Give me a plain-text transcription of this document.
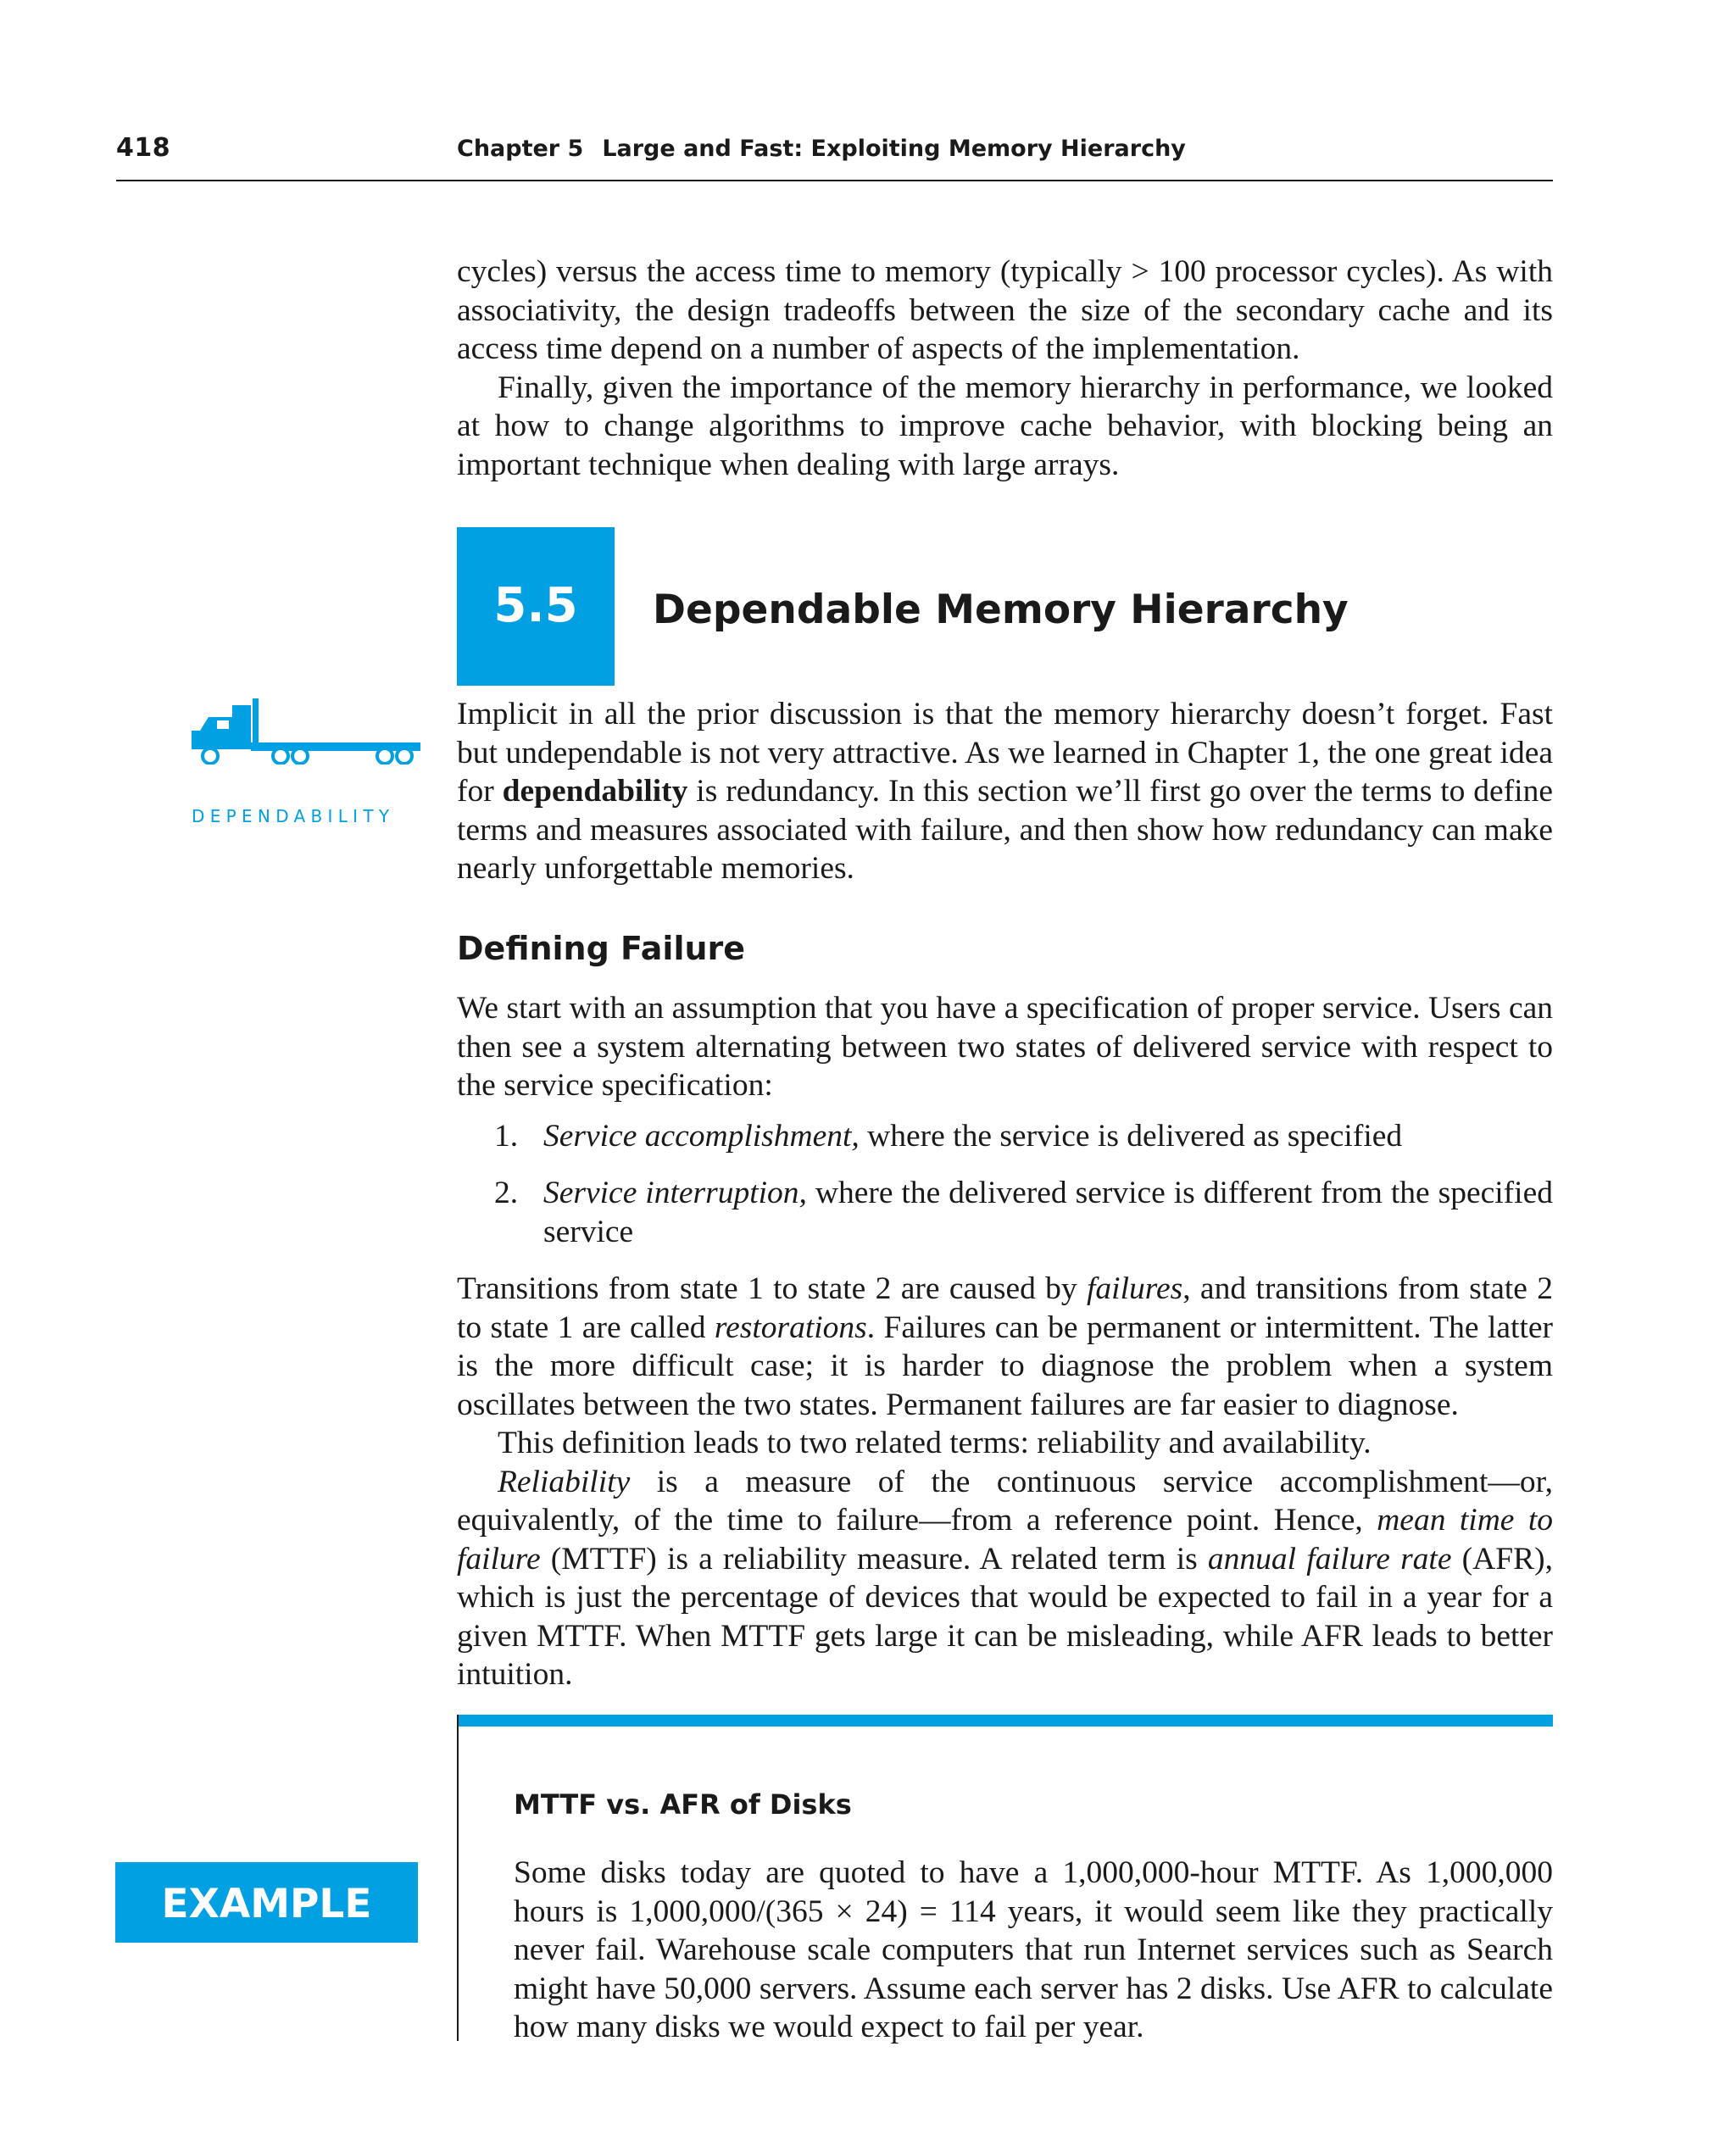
418	Chapter 5 Large and Fast: Exploiting Memory Hierarchy

cycles) versus the access time to memory (typically > 100 processor cycles). As with associativity, the design tradeoffs between the size of the secondary cache and its access time depend on a number of aspects of the implementation.

Finally, given the importance of the memory hierarchy in performance, we looked at how to change algorithms to improve cache behavior, with blocking being an important technique when dealing with large arrays.

5.5	Dependable Memory Hierarchy
DEPENDABILITY

Implicit in all the prior discussion is that the memory hierarchy doesn’t forget. Fast but undependable is not very attractive. As we learned in Chapter 1, the one great idea for dependability is redundancy. In this section we’ll first go over the terms to define terms and measures associated with failure, and then show how redundancy can make nearly unforgettable memories.

Defining Failure

We start with an assumption that you have a specification of proper service. Users can then see a system alternating between two states of delivered service with respect to the service specification:

1. Service accomplishment, where the service is delivered as specified
2. Service interruption, where the delivered service is different from the specified service

Transitions from state 1 to state 2 are caused by failures, and transitions from state 2 to state 1 are called restorations. Failures can be permanent or intermittent. The latter is the more difficult case; it is harder to diagnose the problem when a system oscillates between the two states. Permanent failures are far easier to diagnose.

This definition leads to two related terms: reliability and availability.

Reliability is a measure of the continuous service accomplishment—or, equivalently, of the time to failure—from a reference point. Hence, mean time to failure (MTTF) is a reliability measure. A related term is annual failure rate (AFR), which is just the percentage of devices that would be expected to fail in a year for a given MTTF. When MTTF gets large it can be misleading, while AFR leads to better intuition.

EXAMPLE
MTTF vs. AFR of Disks

Some disks today are quoted to have a 1,000,000-hour MTTF. As 1,000,000 hours is 1,000,000/(365 × 24) = 114 years, it would seem like they practically never fail. Warehouse scale computers that run Internet services such as Search might have 50,000 servers. Assume each server has 2 disks. Use AFR to calculate how many disks we would expect to fail per year.
